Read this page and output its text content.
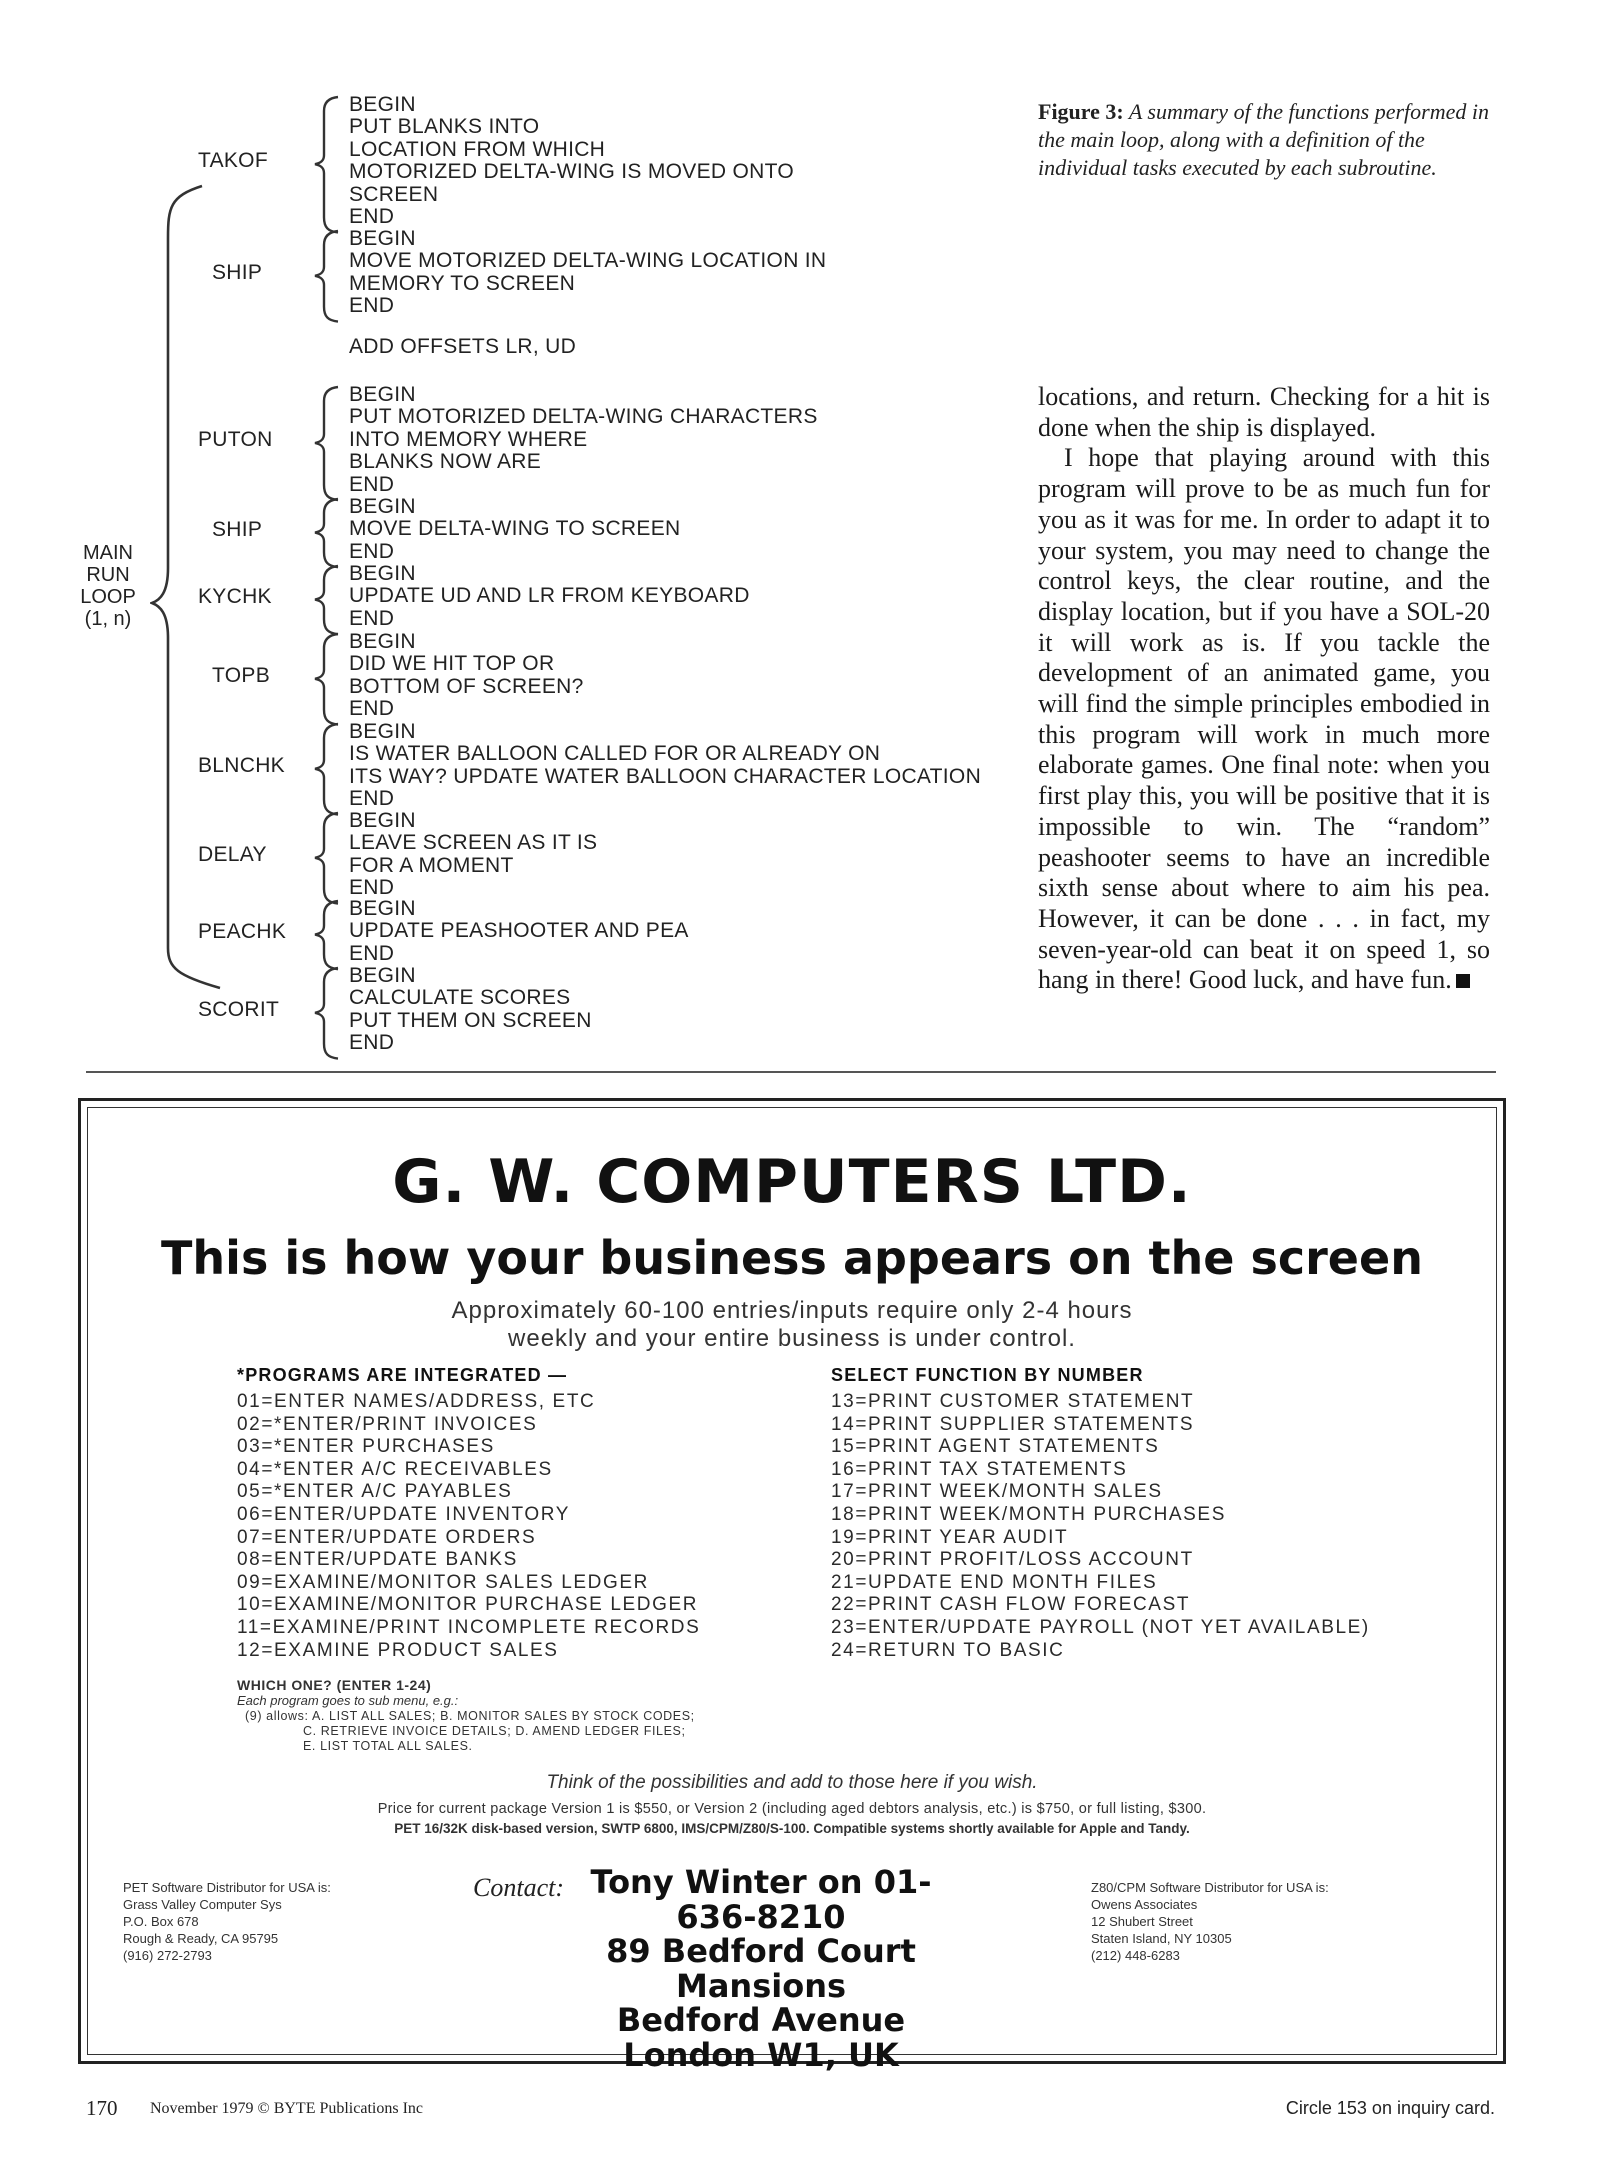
MAIN
RUN
LOOP
(1, n)
BEGIN
PUT BLANKS INTO
LOCATION FROM WHICH
MOTORIZED DELTA-WING IS MOVED ONTO
SCREEN
END
TAKOF
BEGIN
MOVE MOTORIZED DELTA-WING LOCATION IN
MEMORY TO SCREEN
END
SHIP
ADD OFFSETS LR, UD
BEGIN
PUT MOTORIZED DELTA-WING CHARACTERS
INTO MEMORY WHERE
BLANKS NOW ARE
END
PUTON
BEGIN
MOVE DELTA-WING TO SCREEN
END
SHIP
BEGIN
UPDATE UD AND LR FROM KEYBOARD
END
KYCHK
BEGIN
DID WE HIT TOP OR
BOTTOM OF SCREEN?
END
TOPB
BEGIN
IS WATER BALLOON CALLED FOR OR ALREADY ON
ITS WAY? UPDATE WATER BALLOON CHARACTER LOCATION
END
BLNCHK
BEGIN
LEAVE SCREEN AS IT IS
FOR A MOMENT
END
DELAY
BEGIN
UPDATE PEASHOOTER AND PEA
END
PEACHK
BEGIN
CALCULATE SCORES
PUT THEM ON SCREEN
END
SCORIT
Figure 3: A summary of the functions performed in the main loop, along with a definition of the individual tasks executed by each subroutine.

locations, and return. Checking for a hit is done when the ship is displayed.

I hope that playing around with this program will prove to be as much fun for you as it was for me. In order to adapt it to your system, you may need to change the control keys, the clear routine, and the display location, but if you have a SOL-20 it will work as is. If you tackle the development of an animated game, you will find the simple principles embodied in this program will work in much more elaborate games. One final note: when you first play this, you will be positive that it is impossible to win. The “random” peashooter seems to have an incredible sixth sense about where to aim his pea. However, it can be done . . . in fact, my seven-year-old can beat it on speed 1, so hang in there! Good luck, and have fun.

G. W. COMPUTERS LTD.
This is how your business appears on the screen
Approximately 60-100 entries/inputs require only 2-4 hours
weekly and your entire business is under control.
*PROGRAMS ARE INTEGRATED —	SELECT FUNCTION BY NUMBER
01=ENTER NAMES/ADDRESS, ETC
02=*ENTER/PRINT INVOICES
03=*ENTER PURCHASES
04=*ENTER A/C RECEIVABLES
05=*ENTER A/C PAYABLES
06=ENTER/UPDATE INVENTORY
07=ENTER/UPDATE ORDERS
08=ENTER/UPDATE BANKS
09=EXAMINE/MONITOR SALES LEDGER
10=EXAMINE/MONITOR PURCHASE LEDGER
11=EXAMINE/PRINT INCOMPLETE RECORDS
12=EXAMINE PRODUCT SALES
13=PRINT CUSTOMER STATEMENT
14=PRINT SUPPLIER STATEMENTS
15=PRINT AGENT STATEMENTS
16=PRINT TAX STATEMENTS
17=PRINT WEEK/MONTH SALES
18=PRINT WEEK/MONTH PURCHASES
19=PRINT YEAR AUDIT
20=PRINT PROFIT/LOSS ACCOUNT
21=UPDATE END MONTH FILES
22=PRINT CASH FLOW FORECAST
23=ENTER/UPDATE PAYROLL (NOT YET AVAILABLE)
24=RETURN TO BASIC
WHICH ONE? (ENTER 1-24)
Each program goes to sub menu, e.g.:
(9) allows: A. LIST ALL SALES; B. MONITOR SALES BY STOCK CODES;
C. RETRIEVE INVOICE DETAILS; D. AMEND LEDGER FILES;
E. LIST TOTAL ALL SALES.
Think of the possibilities and add to those here if you wish.
Price for current package Version 1 is $550, or Version 2 (including aged debtors analysis, etc.) is $750, or full listing, $300.
PET 16/32K disk-based version, SWTP 6800, IMS/CPM/Z80/S-100. Compatible systems shortly available for Apple and Tandy.
PET Software Distributor for USA is:
Grass Valley Computer Sys
P.O. Box 678
Rough & Ready, CA 95795
(916) 272-2793
Contact: Tony Winter on 01-636-8210
89 Bedford Court Mansions
Bedford Avenue
London W1, UK
Z80/CPM Software Distributor for USA is:
Owens Associates
12 Shubert Street
Staten Island, NY 10305
(212) 448-6283
170 November 1979 © BYTE Publications Inc	Circle 153 on inquiry card.
